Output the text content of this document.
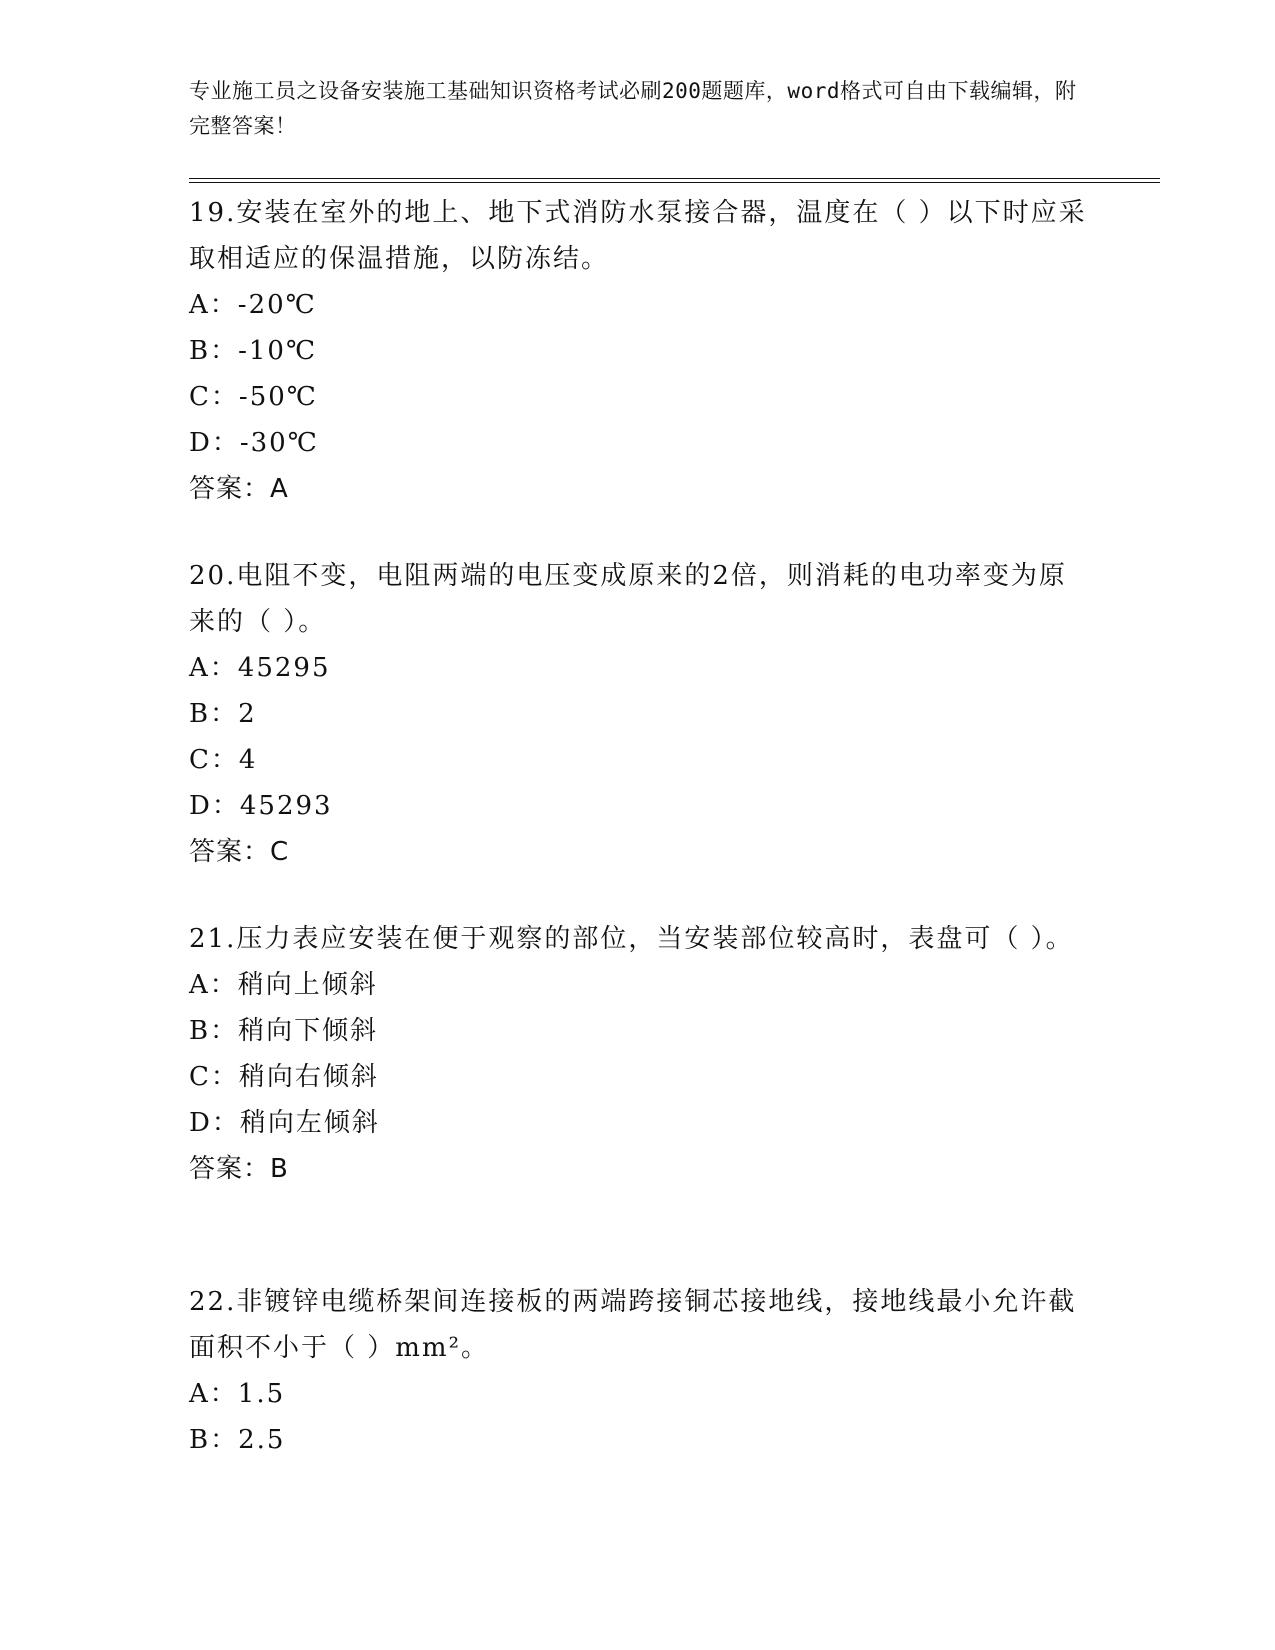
专业施工员之设备安装施工基础知识资格考试必刷200题题库，word格式可自由下载编辑，附完整答案！

19.安装在室外的地上、地下式消防水泵接合器，温度在（ ）以下时应采取相适应的保温措施，以防冻结。

A：-20℃

B：-10℃

C：-50℃

D：-30℃

答案：A

20.电阻不变，电阻两端的电压变成原来的2倍，则消耗的电功率变为原来的（ ）。

A：45295

B：2

C：4

D：45293

答案：C

21.压力表应安装在便于观察的部位，当安装部位较高时，表盘可（ ）。

A：稍向上倾斜

B：稍向下倾斜

C：稍向右倾斜

D：稍向左倾斜

答案：B

22.非镀锌电缆桥架间连接板的两端跨接铜芯接地线，接地线最小允许截面积不小于（ ）mm²。

A：1.5

B：2.5
